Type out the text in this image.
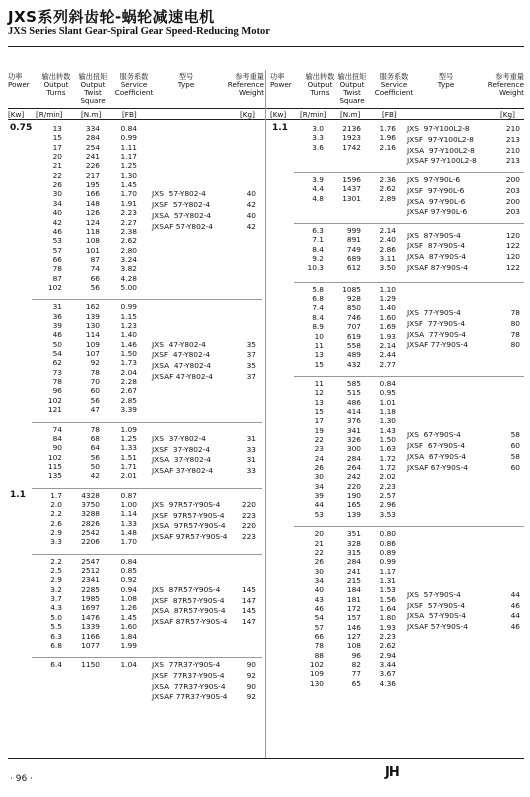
JXS系列斜齿轮-蜗轮减速电机
JXS Series Slant Gear-Spiral Gear Speed-Reducing Motor
功率
Power
输出转数
Output Turns
输出扭矩
Output Twist Square
服务系数
Service Coefficient
型号
Type
参考重量
Reference Weight
[Kw] [R/min]	[N.m]	[FB]	[Kg]
功率
Power
输出转数
Output Turns
输出扭矩
Output Twist Square
服务系数
Service Coefficient
型号
Type
参考重量
Reference Weight
[Kw] [R/min] [N.m]	[FB]	[Kg]
0.75	13	334	0.84
15	284	0.99
17	254	1.11
20	241	1.17
21	226	1.25
22	217	1.30
26	195	1.45
30	166	1.70
34	148	1.91
40	126	2.23
42	124	2.27
46	118	2.38
53	108	2.62
57	101	2.80
66	87	3.24
78	74	3.82
87	66	4.28
102	56	5.00
JXS  57-Y802-4	40
JXSF  57-Y802-4	42
JXSA  57-Y802-4	40
JXSAF 57-Y802-4	42
31	162	0.99
36	139	1.15
39	130	1.23
46	114	1.40
50	109	1.46
54	107	1.50
62	92	1.73
73	78	2.04
78	70	2.28
96	60	2.67
102	56	2.85
121	47	3.39
JXS  47-Y802-4	35
JXSF  47-Y802-4	37
JXSA  47-Y802-4	35
JXSAF 47-Y802-4	37
74	78	1.09
84	68	1.25
90	64	1.33
102	56	1.51
115	50	1.71
135	42	2.01
JXS  37-Y802-4	31
JXSF  37-Y802-4	33
JXSA  37-Y802-4	31
JXSAF 37-Y802-4	33
1.1	1.7	4328	0.87
2.0	3750	1.00
2.2	3288	1.14
2.6	2826	1.33
2.9	2542	1.48
3.3	2206	1.70
JXS  97R57-Y90S-4	220
JXSF  97R57-Y90S-4	223
JXSA  97R57-Y90S-4	220
JXSAF 97R57-Y90S-4	223
2.2	2547	0.84
2.5	2512	0.85
2.9	2341	0.92
3.2	2285	0.94
3.7	1985	1.08
4.3	1697	1.26
5.0	1476	1.45
5.5	1339	1.60
6.3	1166	1.84
6.8	1077	1.99
JXS  87R57-Y90S-4	145
JXSF  87R57-Y90S-4	147
JXSA  87R57-Y90S-4	145
JXSAF 87R57-Y90S-4	147
6.4	1150	1.04 JXS  77R37-Y90S-4	90
JXSF  77R37-Y90S-4	92
JXSA  77R37-Y90S-4	90
JXSAF 77R37-Y90S-4	92
1.1	3.0	2136	1.76
3.3	1923	1.96
3.6	1742	2.16
JXS  97-Y100L2-8	210
JXSF  97-Y100L2-8	213
JXSA  97-Y100L2-8	210
JXSAF 97-Y100L2-8	213
3.9	1596	2.36
4.4	1437	2.62
4.8	1301	2.89
JXS  97-Y90L-6	200
JXSF  97-Y90L-6	203
JXSA  97-Y90L-6	200
JXSAF 97-Y90L-6	203
6.3	999	2.14
7.1	891	2.40
8.4	749	2.86
9.2	689	3.11
10.3	612	3.50
JXS  87-Y90S-4	120
JXSF  87-Y90S-4	122
JXSA  87-Y90S-4	120
JXSAF 87-Y90S-4	122
5.8	1085	1.10
6.8	928	1.29
7.4	850	1.40
8.4	746	1.60
8.9	707	1.69
10	619	1.93
11	558	2.14
13	489	2.44
15	432	2.77
JXS  77-Y90S-4	78
JXSF  77-Y90S-4	80
JXSA  77-Y90S-4	78
JXSAF 77-Y90S-4	80
11	585	0.84
12	515	0.95
13	486	1.01
15	414	1.18
17	376	1.30
19	341	1.43
22	326	1.50
23	300	1.63
24	284	1.72
26	264	1.72
30	242	2.02
34	220	2.23
39	190	2.57
44	165	2.96
53	139	3.53
JXS  67-Y90S-4	58
JXSF  67-Y90S-4	60
JXSA  67-Y90S-4	58
JXSAF 67-Y90S-4	60
20	351	0.80
21	328	0.86
22	315	0.89
26	284	0.99
30	241	1.17
34	215	1.31
40	184	1.53
43	181	1.56
46	172	1.64
54	157	1.80
57	146	1.93
66	127	2.23
78	108	2.62
88	96	2.94
102	82	3.44
109	77	3.67
130	65	4.36
JXS  57-Y90S-4	44
JXSF  57-Y90S-4	46
JXSA  57-Y90S-4	44
JXSAF 57-Y90S-4	46
· 96 ·	JH
